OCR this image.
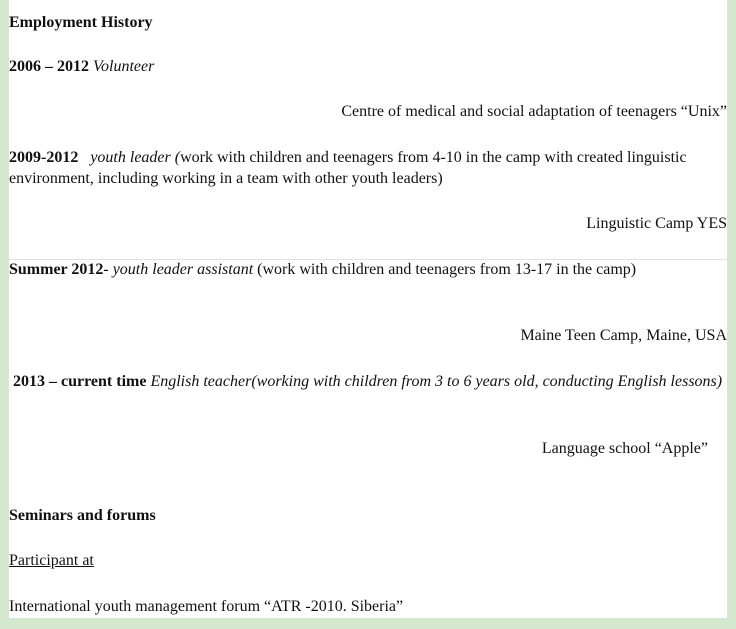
Employment History

2006 – 2012 Volunteer

Centre of medical and social adaptation of teenagers “Unix”

2009-2012 youth leader (work with children and teenagers from 4-10 in the camp with created linguistic environment, including working in a team with other youth leaders)

Linguistic Camp YES

Summer 2012- youth leader assistant (work with children and teenagers from 13-17 in the camp)

Maine Teen Camp, Maine, USA

2013 – current time English teacher(working with children from 3 to 6 years old, conducting English lessons)

Language school “Apple”

Seminars and forums

Participant at

International youth management forum “ATR -2010. Siberia”
